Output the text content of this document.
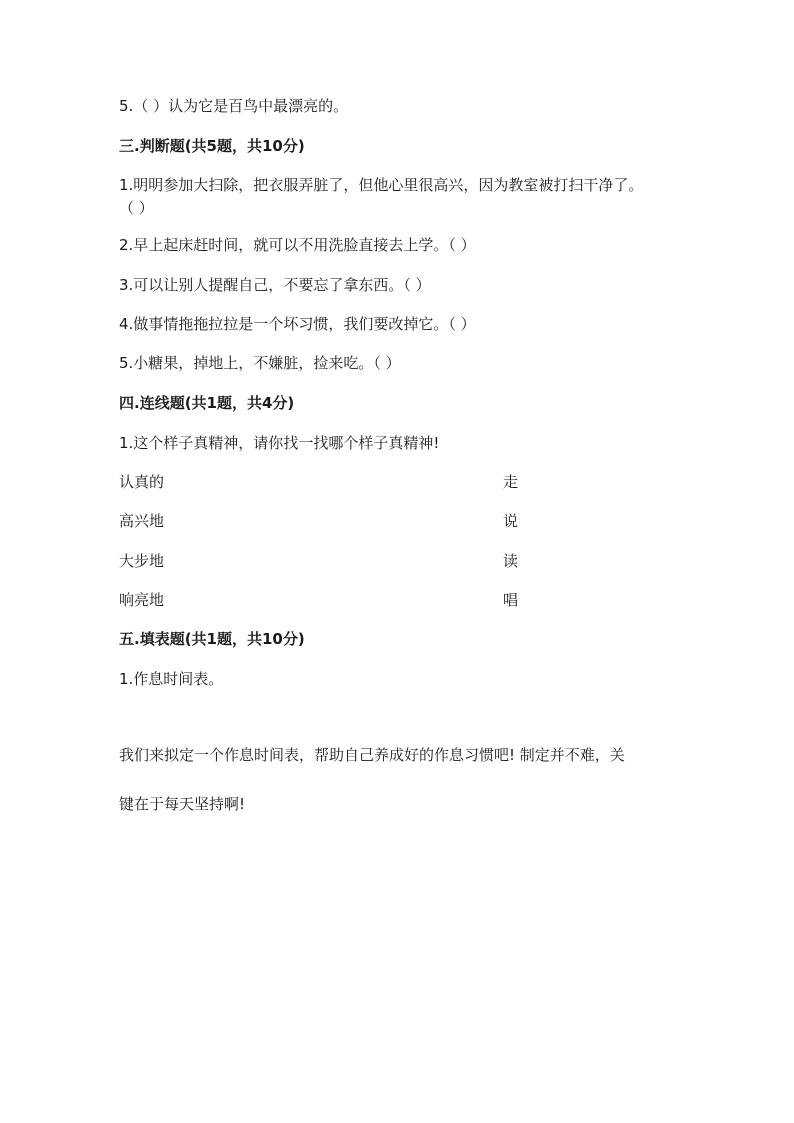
5.（ ）认为它是百鸟中最漂亮的。
三.判断题(共5题，共10分)
1.明明参加大扫除，把衣服弄脏了，但他心里很高兴，因为教室被打扫干净了。（ ）
2.早上起床赶时间，就可以不用洗脸直接去上学。（ ）
3.可以让别人提醒自己，不要忘了拿东西。（ ）
4.做事情拖拖拉拉是一个坏习惯，我们要改掉它。（ ）
5.小糖果，掉地上，不嫌脏，捡来吃。（ ）
四.连线题(共1题，共4分)
1.这个样子真精神，请你找一找哪个样子真精神!
认真的	走
高兴地	说
大步地	读
响亮地	唱
五.填表题(共1题，共10分)
1.作息时间表。
我们来拟定一个作息时间表，帮助自己养成好的作息习惯吧! 制定并不难，关
键在于每天坚持啊!
